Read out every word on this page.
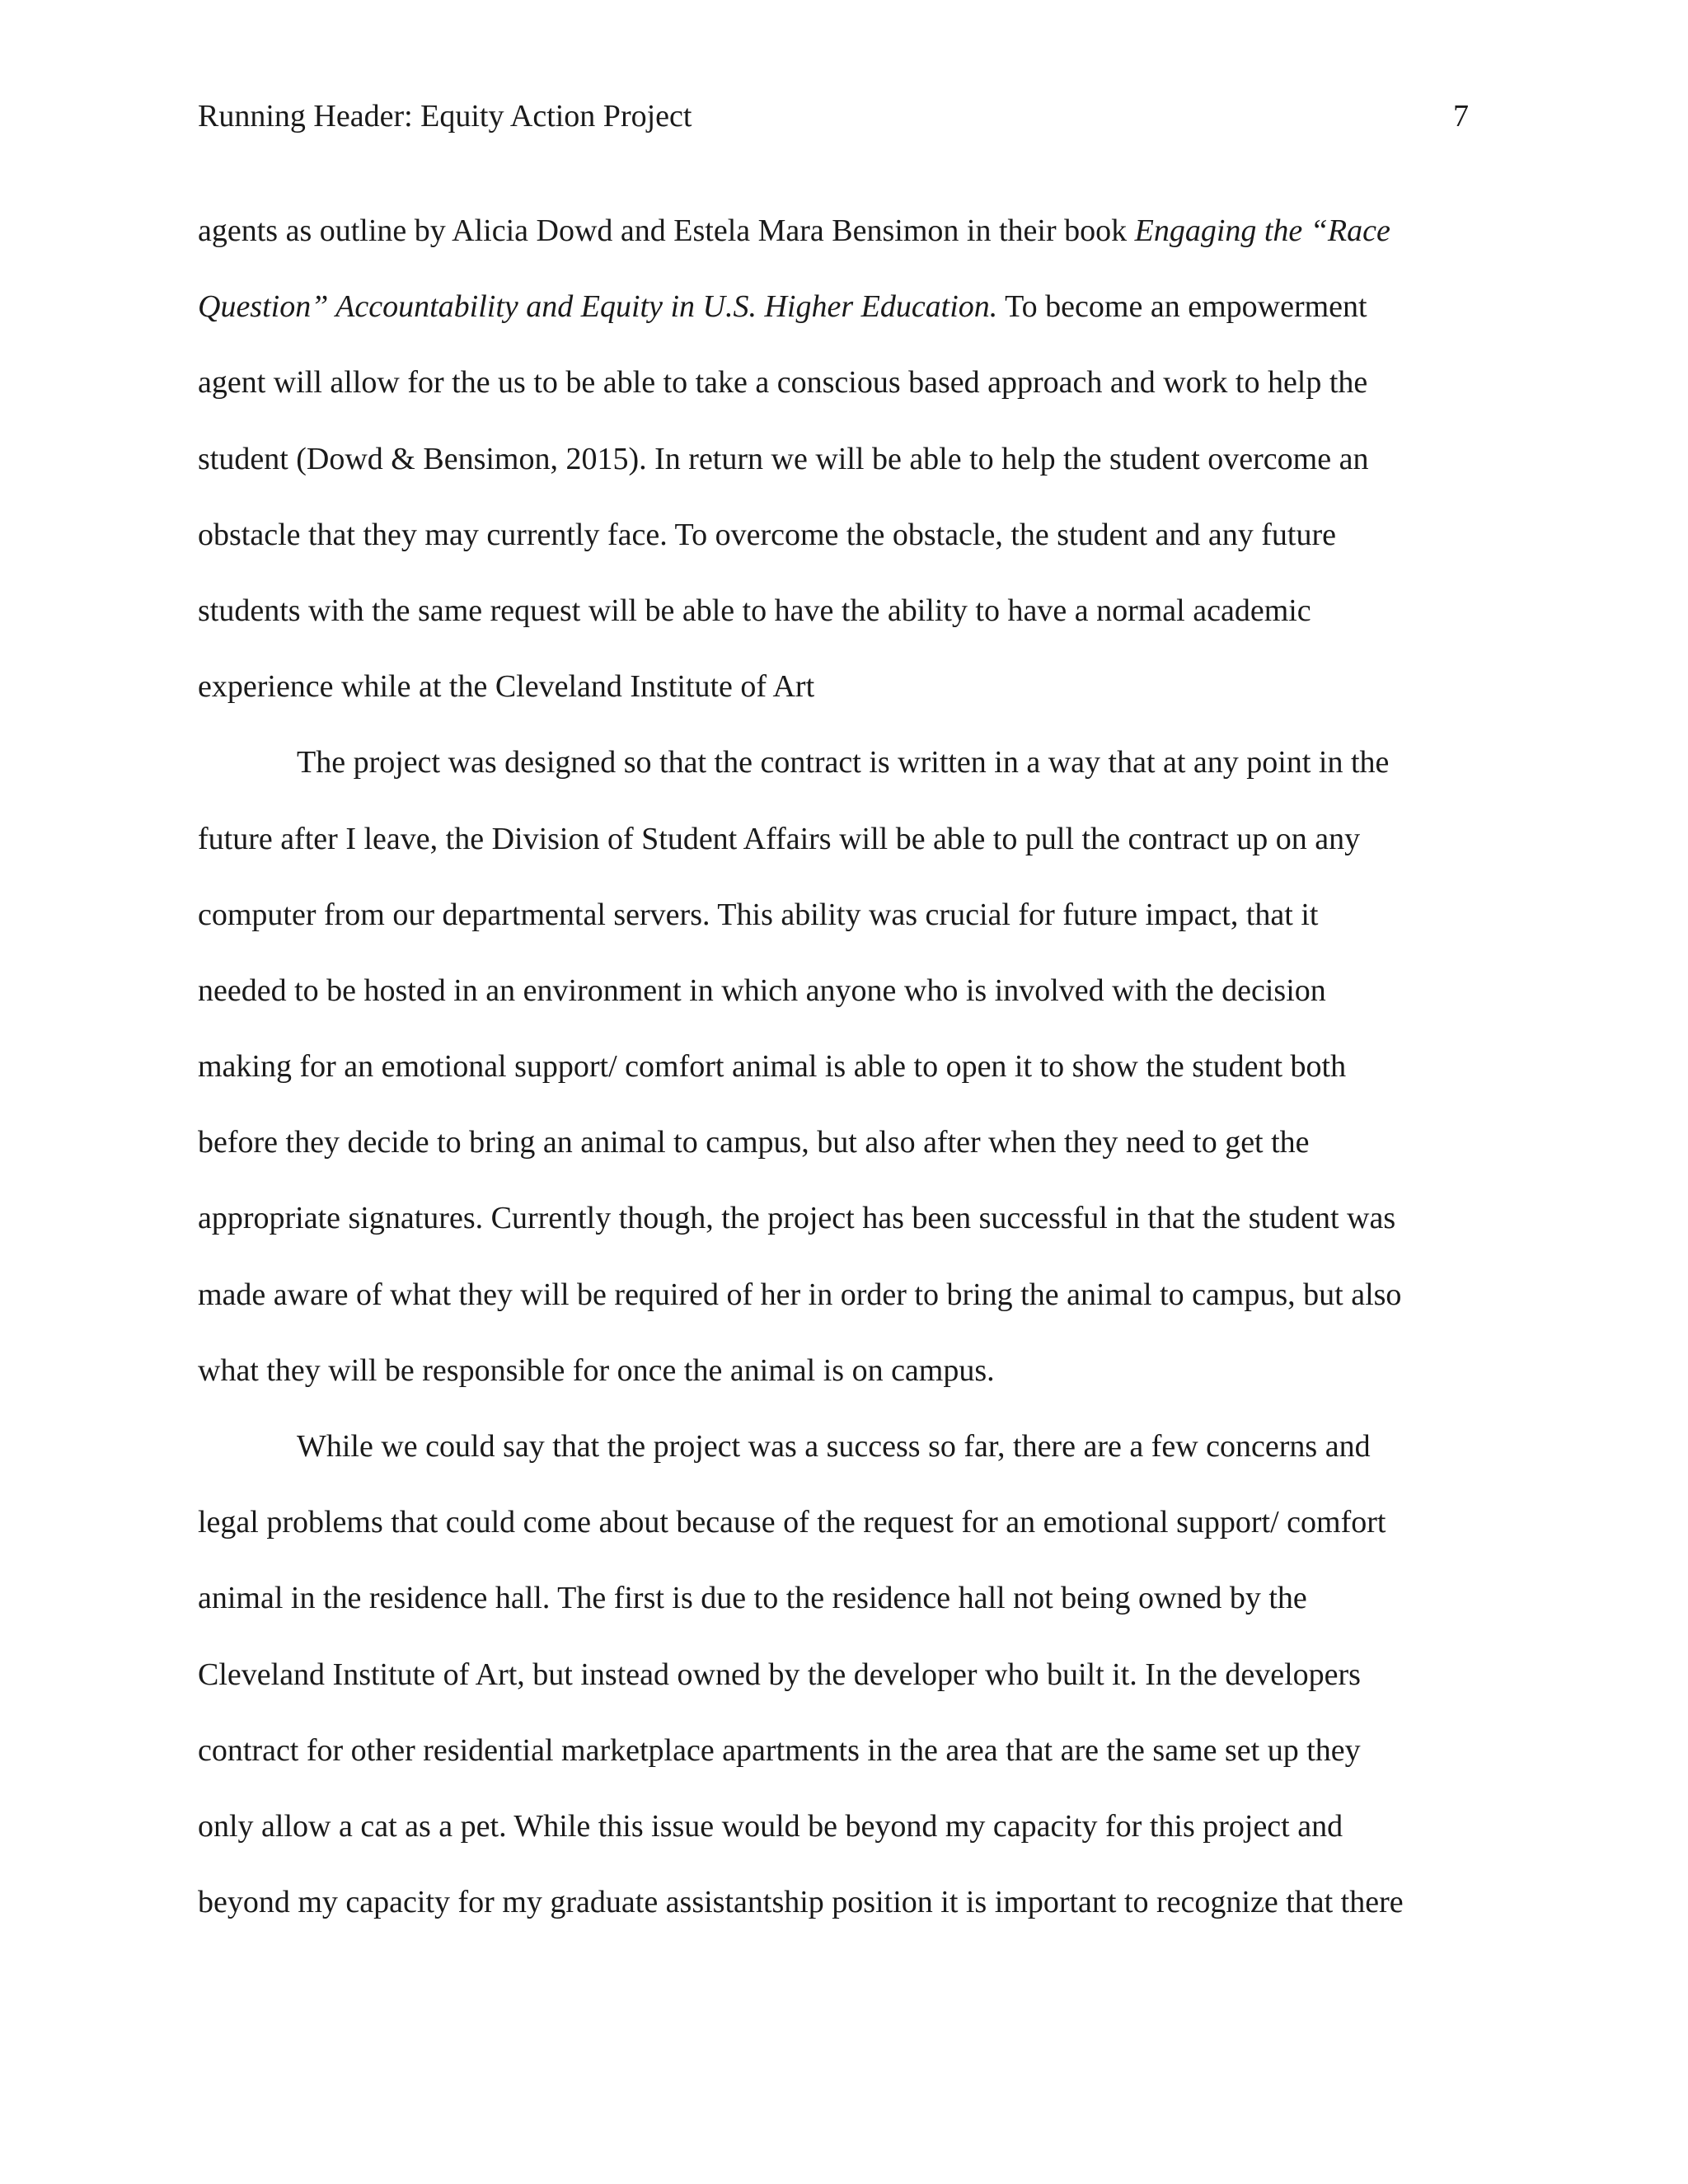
Running Header: Equity Action Project	7
agents as outline by Alicia Dowd and Estela Mara Bensimon in their book Engaging the “Race
Question” Accountability and Equity in U.S. Higher Education. To become an empowerment
agent will allow for the us to be able to take a conscious based approach and work to help the
student (Dowd & Bensimon, 2015). In return we will be able to help the student overcome an
obstacle that they may currently face. To overcome the obstacle, the student and any future
students with the same request will be able to have the ability to have a normal academic
experience while at the Cleveland Institute of Art
The project was designed so that the contract is written in a way that at any point in the
future after I leave, the Division of Student Affairs will be able to pull the contract up on any
computer from our departmental servers. This ability was crucial for future impact, that it
needed to be hosted in an environment in which anyone who is involved with the decision
making for an emotional support/ comfort animal is able to open it to show the student both
before they decide to bring an animal to campus, but also after when they need to get the
appropriate signatures. Currently though, the project has been successful in that the student was
made aware of what they will be required of her in order to bring the animal to campus, but also
what they will be responsible for once the animal is on campus.
While we could say that the project was a success so far, there are a few concerns and
legal problems that could come about because of the request for an emotional support/ comfort
animal in the residence hall. The first is due to the residence hall not being owned by the
Cleveland Institute of Art, but instead owned by the developer who built it. In the developers
contract for other residential marketplace apartments in the area that are the same set up they
only allow a cat as a pet. While this issue would be beyond my capacity for this project and
beyond my capacity for my graduate assistantship position it is important to recognize that there
